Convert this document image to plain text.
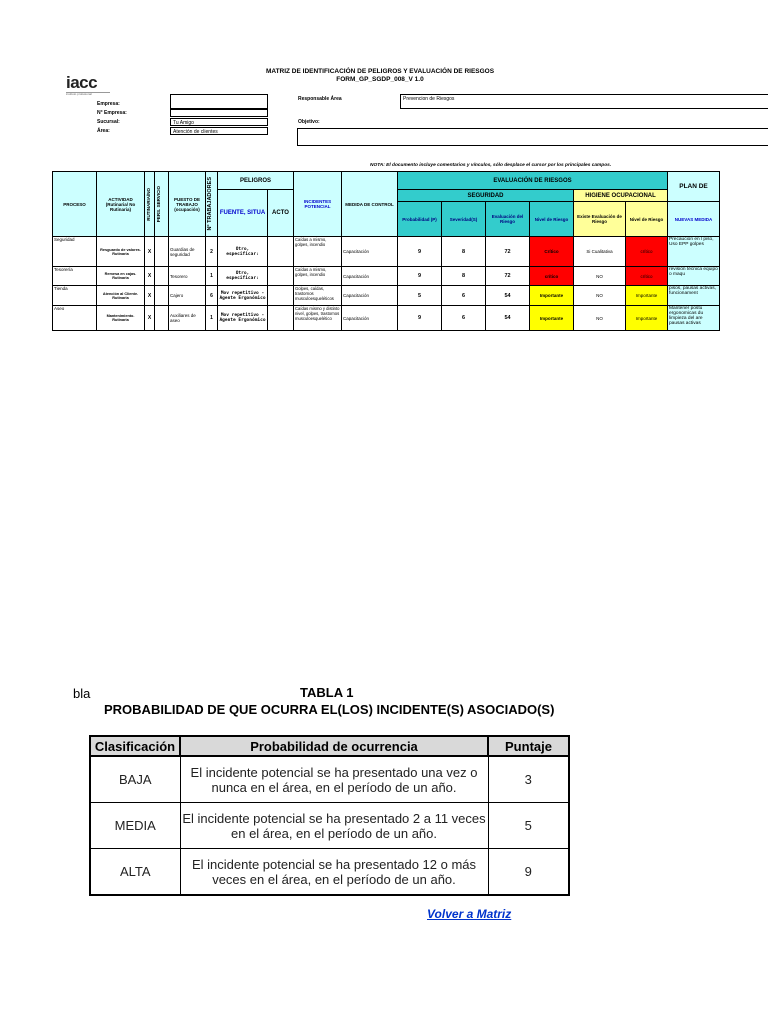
iacc
instituto profesional
MATRIZ DE IDENTIFICACIÓN DE PELIGROS Y EVALUACIÓN DE RIESGOS
FORM_GP_SGDP_008_V 1.0
Empresa:
N° Empresa:
Sucursal:	Tu Amigo
Área:	Atención de clientes
Responsable Área	Prevencion de Riesgos
Objetivo:
NOTA: El documento incluye comentarios y vínculos, sólo desplace el cursor por los principales campos.
PROCESO	ACTIVIDAD (Rutinaria/ No Rutinaria)	RUTINARIA/NO	PERS. SERVICIO	PUESTO DE TRABAJO (ocupación)	N° TRABAJADORES	PELIGROS		INCIDENTES POTENCIAL	MEDIDA DE CONTROL	EVALUACIÓN DE RIESGOS						PLAN DE
						FUENTE, SITUA	ACTO			SEGURIDAD				HIGIENE OCUPACIONAL		
										Probabilidad (P)	Severidad(S)	Evaluación del Riesgo	Nivel de Riesgo	Existe Evaluación de Riesgo	Nivel de Riesgo	NUEVAS MEDIDA
Seguridad	Resguardo de valores. Rutinaria	X		Guardias de seguridad	2	Otro, especificar:		Caídas a mismo, golpes, incendio	Capacitación	9	8	72	Crítico	Si Cualitativa	crítico	Precaucion en l piso, Uso EPP golpes
Tesorería	Remesa en cajas. Rutinaria	X		Tesorero	1	Otro, especificar:		Caídas a mismo, golpes, incendio	Capacitación	9	8	72	crítico	NO	crítico	revisión técnica equipo o maqu
Tienda	Atención al Cliente. Rutinaria	X		Cajero	6	Mov repetitivo - Agente Ergonómico		Golpes, caídas, trastornos musculoesqueléticos	Capacitación	5	6	54	Importante	NO	Importante	pisos, pausas activas, funcionament
Aseo	Mantenimiento. Rutinaria	X		Auxiliares de aseo	1	Mov repetitivo - Agente Ergonómico		Caídas mismo y distinto nivel, golpes, trastornos musculoesquelético	Capacitación	9	6	54	Importante	NO	Importante	Mantener postu ergonomicas du limpieza del are pausas activas
bla	TABLA 1
PROBABILIDAD DE QUE OCURRA EL(LOS) INCIDENTE(S) ASOCIADO(S)
Clasificación	Probabilidad de ocurrencia	Puntaje
BAJA	El incidente potencial se ha presentado una vez o nunca en el área, en el período de un año.	3
MEDIA	El incidente potencial se ha presentado 2 a 11 veces en el área, en el período de un año.	5
ALTA	El incidente potencial se ha presentado 12 o más veces en el área, en el período de un año.	9
Volver a Matriz
